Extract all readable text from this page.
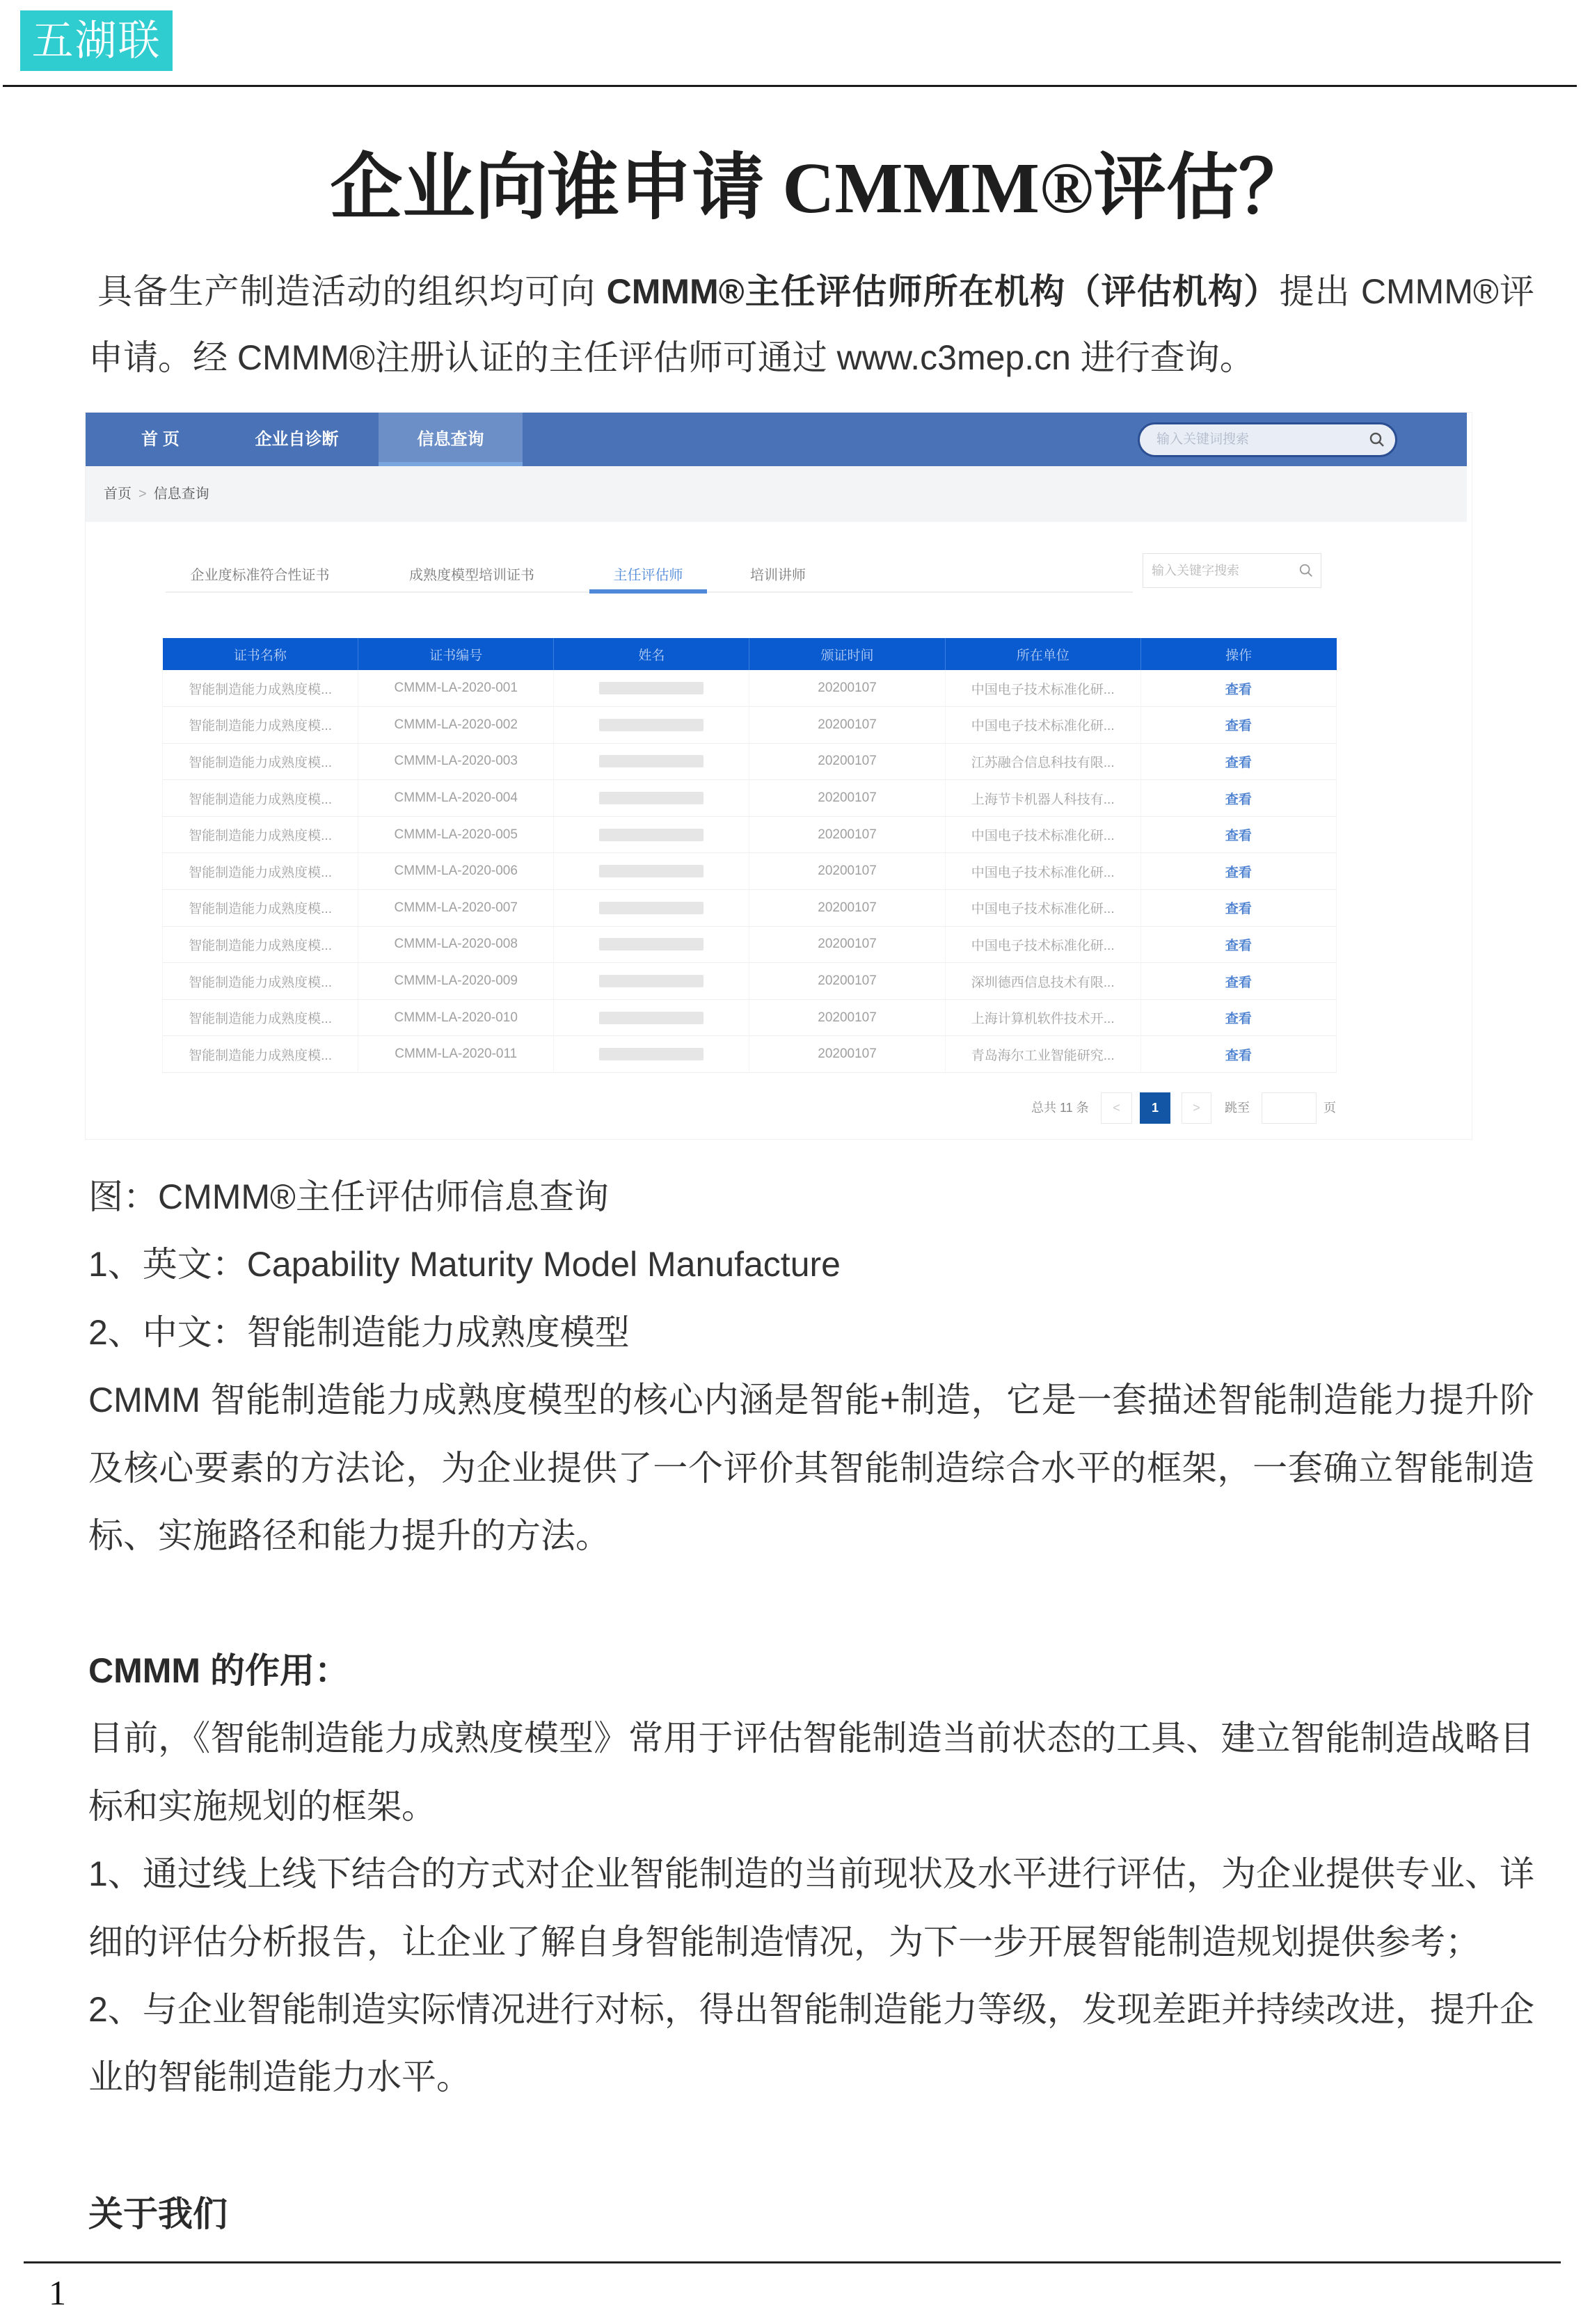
五湖联
企业向谁申请 CMMM®评估？
具备生产制造活动的组织均可向 CMMM®主任评估师所在机构（评估机构）提出 CMMM®评
申请。经 CMMM®注册认证的主任评估师可通过 www.c3mep.cn 进行查询。
首 页	企业自诊断	信息查询	输入关键词搜索
首页 > 信息查询
企业度标准符合性证书	成熟度模型培训证书	主任评估师	培训讲师	输入关键字搜索
证书名称	证书编号	姓名	颁证时间	所在单位	操作
智能制造能力成熟度模...	CMMM-LA-2020-001		20200107	中国电子技术标准化研...	查看
智能制造能力成熟度模...	CMMM-LA-2020-002		20200107	中国电子技术标准化研...	查看
智能制造能力成熟度模...	CMMM-LA-2020-003		20200107	江苏融合信息科技有限...	查看
智能制造能力成熟度模...	CMMM-LA-2020-004		20200107	上海节卡机器人科技有...	查看
智能制造能力成熟度模...	CMMM-LA-2020-005		20200107	中国电子技术标准化研...	查看
智能制造能力成熟度模...	CMMM-LA-2020-006		20200107	中国电子技术标准化研...	查看
智能制造能力成熟度模...	CMMM-LA-2020-007		20200107	中国电子技术标准化研...	查看
智能制造能力成熟度模...	CMMM-LA-2020-008		20200107	中国电子技术标准化研...	查看
智能制造能力成熟度模...	CMMM-LA-2020-009		20200107	深圳德西信息技术有限...	查看
智能制造能力成熟度模...	CMMM-LA-2020-010		20200107	上海计算机软件技术开...	查看
智能制造能力成熟度模...	CMMM-LA-2020-011		20200107	青岛海尔工业智能研究...	查看
总共 11 条	<	1	>	跳至	页
图：CMMM®主任评估师信息查询
1、英文：Capability Maturity Model Manufacture
2、中文：智能制造能力成熟度模型
CMMM 智能制造能力成熟度模型的核心内涵是智能+制造，它是一套描述智能制造能力提升阶
及核心要素的方法论，为企业提供了一个评价其智能制造综合水平的框架，一套确立智能制造
标、实施路径和能力提升的方法。
CMMM 的作用：
目前，《智能制造能力成熟度模型》常用于评估智能制造当前状态的工具、建立智能制造战略目
标和实施规划的框架。
1、通过线上线下结合的方式对企业智能制造的当前现状及水平进行评估，为企业提供专业、详
细的评估分析报告，让企业了解自身智能制造情况，为下一步开展智能制造规划提供参考；
2、与企业智能制造实际情况进行对标，得出智能制造能力等级，发现差距并持续改进，提升企
业的智能制造能力水平。
关于我们
1
